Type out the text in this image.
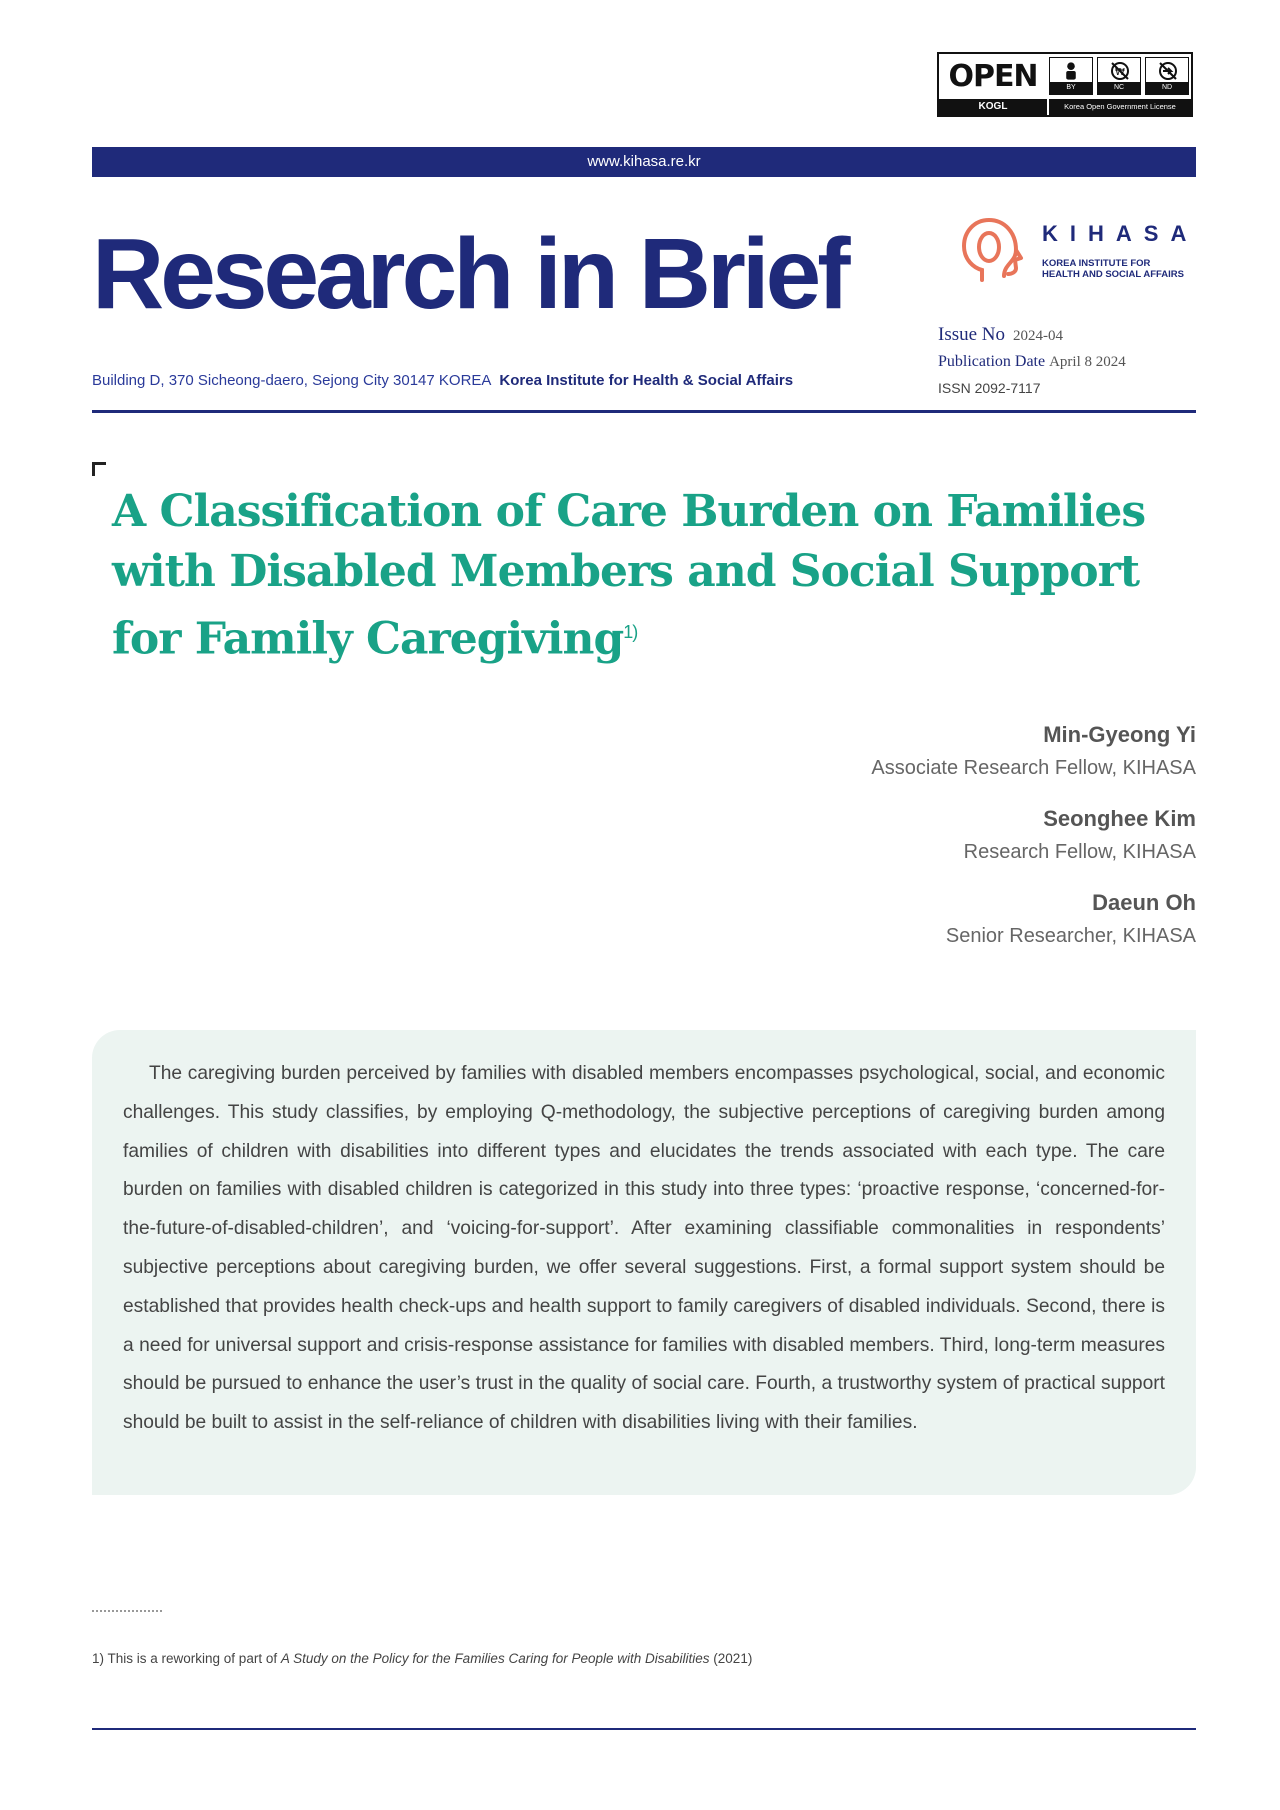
OPEN
KOGL
BY
₩
NC	ND
Korea Open Government License
www.kihasa.re.kr
Research in Brief	KIHASA
KOREA INSTITUTE FOR
HEALTH AND SOCIAL AFFAIRS
Issue No 2024-04
Publication Date April 8 2024
ISSN 2092-7117
Building D, 370 Sicheong-daero, Sejong City 30147 KOREA Korea Institute for Health & Social Affairs
A Classification of Care Burden on Families
with Disabled Members and Social Support
for Family Caregiving$^{1)}$
Min-Gyeong Yi
Associate Research Fellow, KIHASA
Seonghee Kim
Research Fellow, KIHASA
Daeun Oh
Senior Researcher, KIHASA

The caregiving burden perceived by families with disabled members encompasses psychological, social, and economic challenges. This study classifies, by employing Q-methodology, the subjective perceptions of caregiving burden among families of children with disabilities into different types and elucidates the trends associated with each type. The care burden on families with disabled children is categorized in this study into three types: ‘proactive response, ‘concerned-for-the-future-of-disabled-children’, and ‘voicing-for-support’. After examining classifiable commonalities in respondents’ subjective perceptions about caregiving burden, we offer several suggestions. First, a formal support system should be established that provides health check-ups and health support to family caregivers of disabled individuals. Second, there is a need for universal support and crisis-response assistance for families with disabled members. Third, long-term measures should be pursued to enhance the user’s trust in the quality of social care. Fourth, a trustworthy system of practical support should be built to assist in the self-reliance of children with disabilities living with their families.

1) This is a reworking of part of A Study on the Policy for the Families Caring for People with Disabilities (2021)
